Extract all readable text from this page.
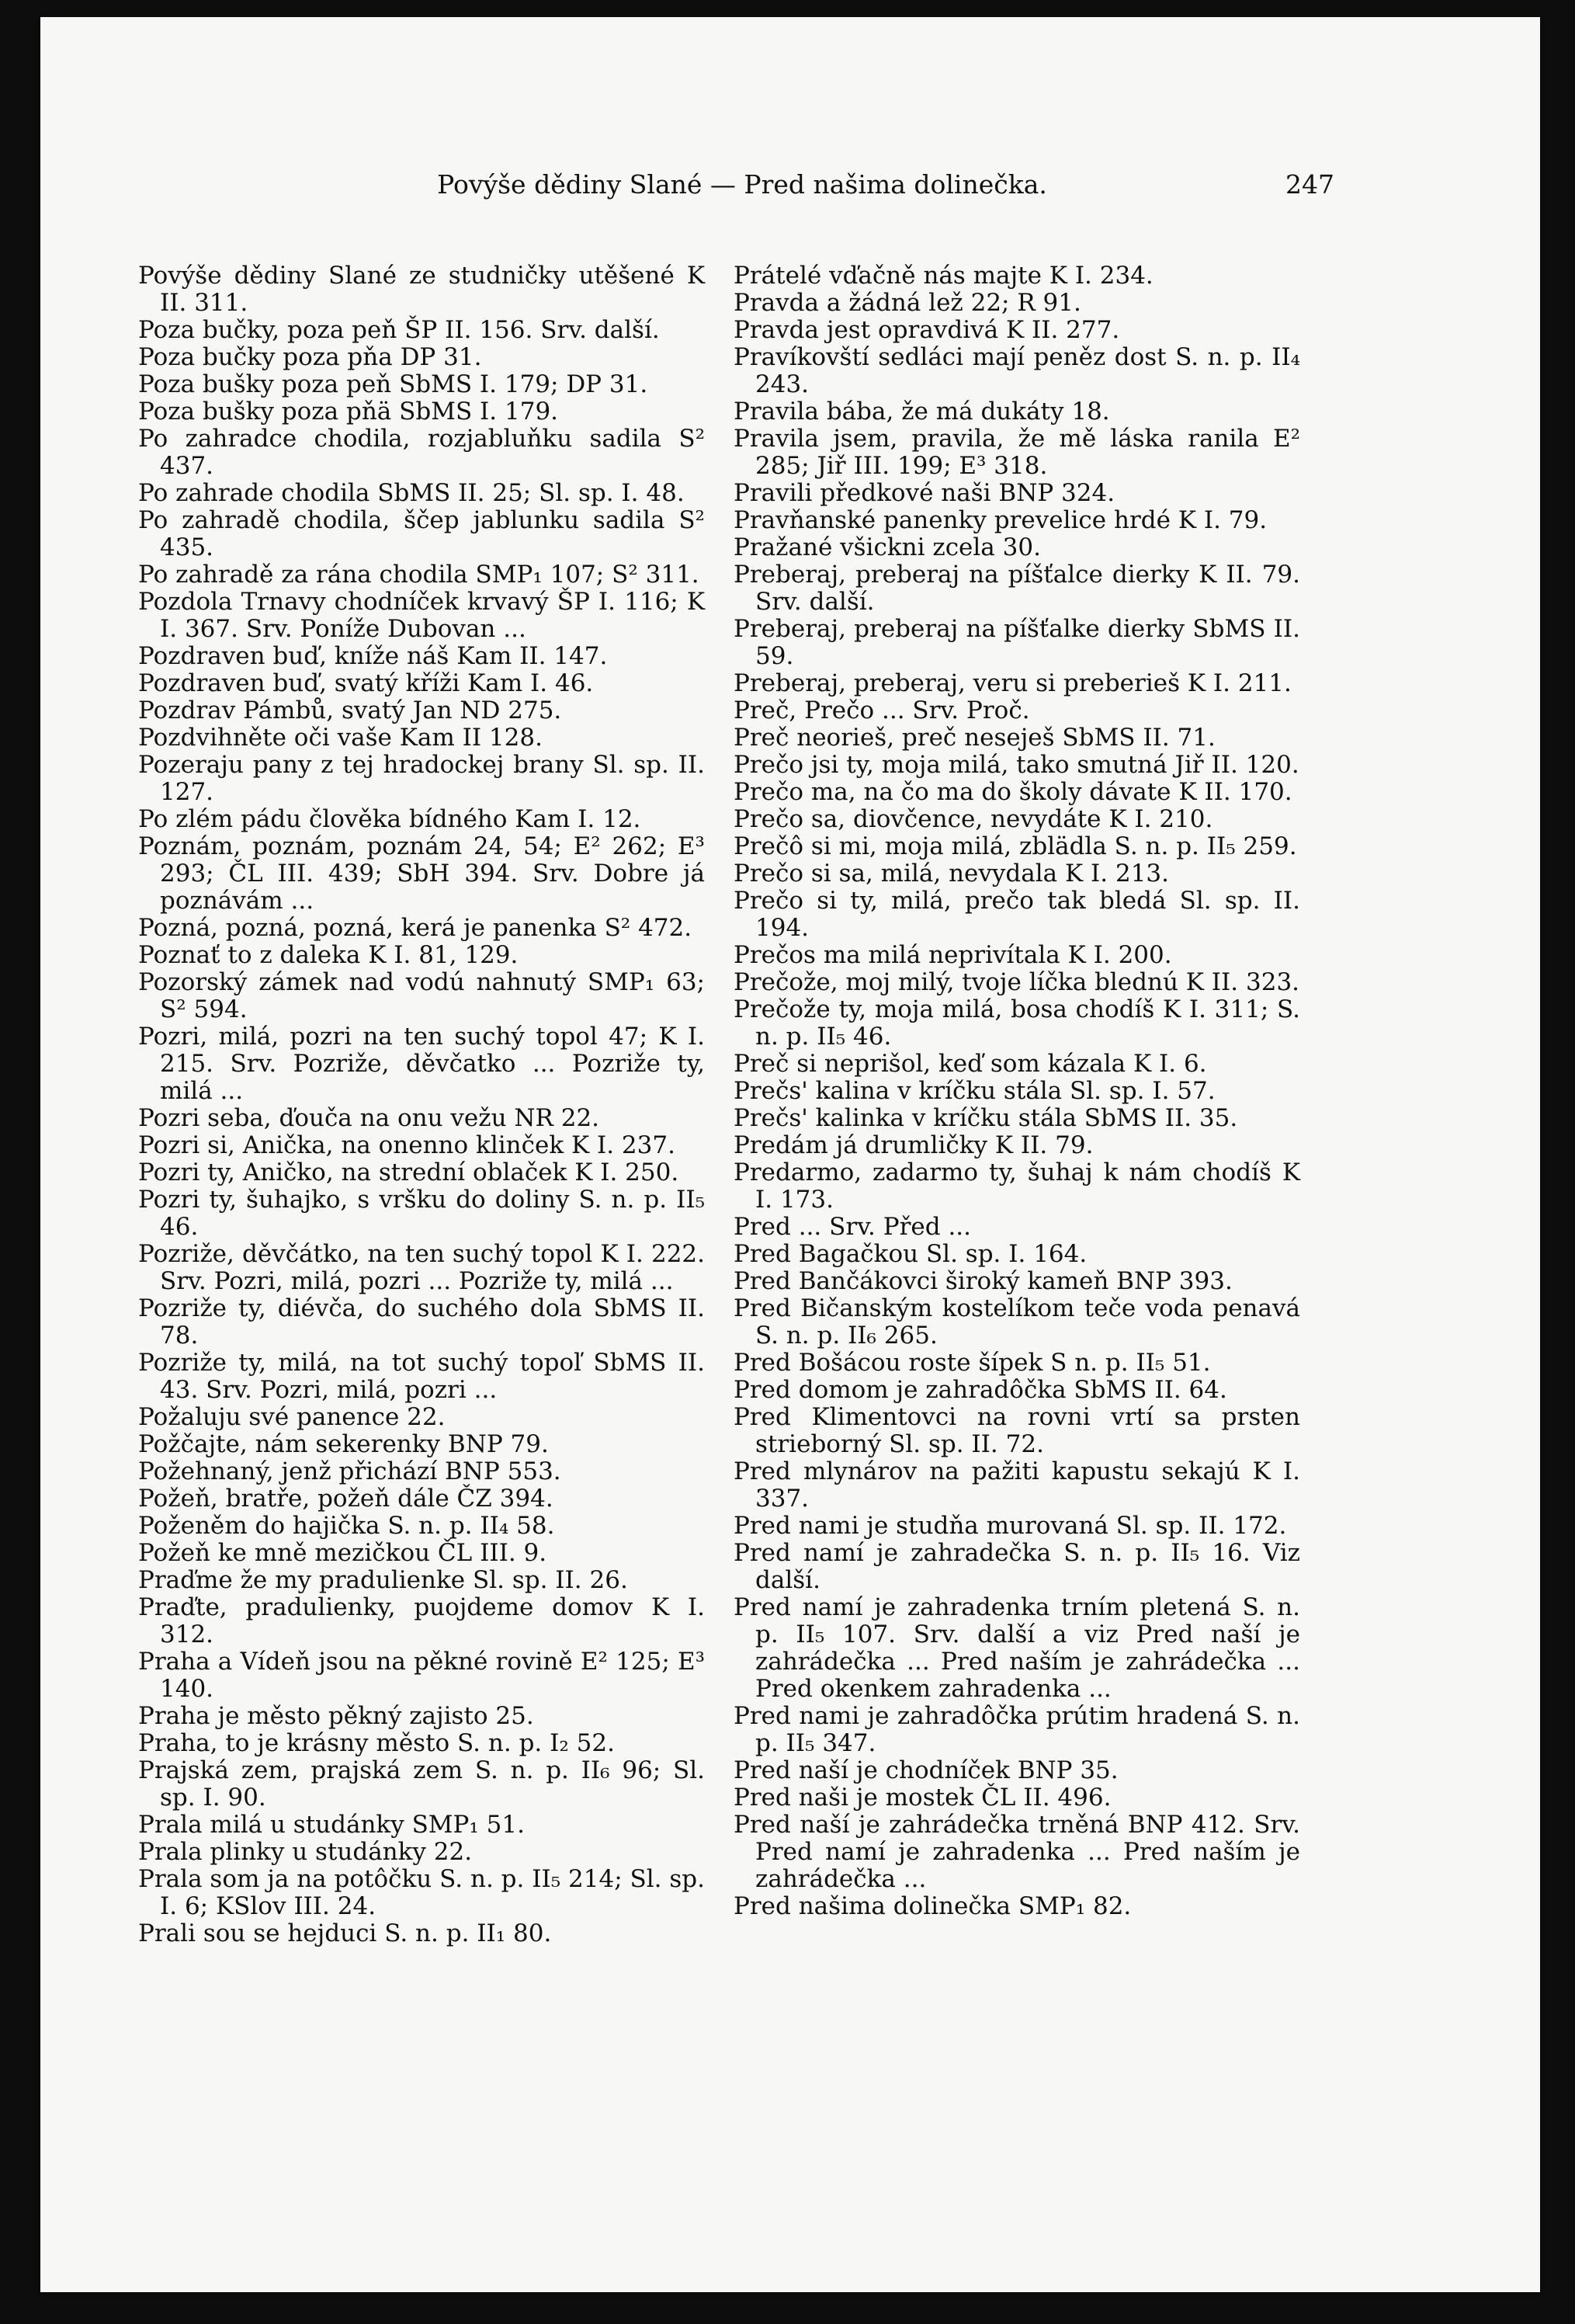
Povýše dědiny Slané — Pred našima dolinečka.	247

Povýše dědiny Slané ze studničky utěšené K II. 311.

Poza bučky, poza peň ŠP II. 156. Srv. další.

Poza bučky poza pňa DP 31.

Poza bušky poza peň SbMS I. 179; DP 31.

Poza bušky poza pňä SbMS I. 179.

Po zahradce chodila, rozjabluňku sadila S² 437.

Po zahrade chodila SbMS II. 25; Sl. sp. I. 48.

Po zahradě chodila, ščep jablunku sadila S² 435.

Po zahradě za rána chodila SMP₁ 107; S² 311.

Pozdola Trnavy chodníček krvavý ŠP I. 116; K I. 367. Srv. Poníže Dubovan ...

Pozdraven buď, kníže náš Kam II. 147.

Pozdraven buď, svatý kříži Kam I. 46.

Pozdrav Pámbů, svatý Jan ND 275.

Pozdvihněte oči vaše Kam II 128.

Pozeraju pany z tej hradockej brany Sl. sp. II. 127.

Po zlém pádu člověka bídného Kam I. 12.

Poznám, poznám, poznám 24, 54; E² 262; E³ 293; ČL III. 439; SbH 394. Srv. Dobre já poznávám ...

Pozná, pozná, pozná, kerá je panenka S² 472.

Poznať to z daleka K I. 81, 129.

Pozorský zámek nad vodú nahnutý SMP₁ 63; S² 594.

Pozri, milá, pozri na ten suchý topol 47; K I. 215. Srv. Pozriže, děvčatko ... Pozriže ty, milá ...

Pozri seba, ďouča na onu vežu NR 22.

Pozri si, Anička, na onenno klinček K I. 237.

Pozri ty, Aničko, na strední oblaček K I. 250.

Pozri ty, šuhajko, s vršku do doliny S. n. p. II₅ 46.

Pozriže, děvčátko, na ten suchý topol K I. 222. Srv. Pozri, milá, pozri ... Pozriže ty, milá ...

Pozriže ty, diévča, do suchého dola SbMS II. 78.

Pozriže ty, milá, na tot suchý topoľ SbMS II. 43. Srv. Pozri, milá, pozri ...

Požaluju své panence 22.

Požčajte, nám sekerenky BNP 79.

Požehnaný, jenž přichází BNP 553.

Požeň, bratře, požeň dále ČZ 394.

Poženěm do hajička S. n. p. II₄ 58.

Požeň ke mně mezičkou ČL III. 9.

Praďme že my pradulienke Sl. sp. II. 26.

Praďte, pradulienky, puojdeme domov K I. 312.

Praha a Vídeň jsou na pěkné rovině E² 125; E³ 140.

Praha je město pěkný zajisto 25.

Praha, to je krásny město S. n. p. I₂ 52.

Prajská zem, prajská zem S. n. p. II₆ 96; Sl. sp. I. 90.

Prala milá u studánky SMP₁ 51.

Prala plinky u studánky 22.

Prala som ja na potôčku S. n. p. II₅ 214; Sl. sp. I. 6; KSlov III. 24.

Prali sou se hejduci S. n. p. II₁ 80.

Prátelé vďačně nás majte K I. 234.

Pravda a žádná lež 22; R 91.

Pravda jest opravdivá K II. 277.

Pravíkovští sedláci mají peněz dost S. n. p. II₄ 243.

Pravila bába, že má dukáty 18.

Pravila jsem, pravila, že mě láska ranila E² 285; Jiř III. 199; E³ 318.

Pravili předkové naši BNP 324.

Pravňanské panenky prevelice hrdé K I. 79.

Pražané všickni zcela 30.

Preberaj, preberaj na píšťalce dierky K II. 79. Srv. další.

Preberaj, preberaj na píšťalke dierky SbMS II. 59.

Preberaj, preberaj, veru si preberieš K I. 211.

Preč, Prečo ... Srv. Proč.

Preč neorieš, preč neseješ SbMS II. 71.

Prečo jsi ty, moja milá, tako smutná Jiř II. 120.

Prečo ma, na čo ma do školy dávate K II. 170.

Prečo sa, diovčence, nevydáte K I. 210.

Prečô si mi, moja milá, zblädla S. n. p. II₅ 259.

Prečo si sa, milá, nevydala K I. 213.

Prečo si ty, milá, prečo tak bledá Sl. sp. II. 194.

Prečos ma milá neprivítala K I. 200.

Prečože, moj milý, tvoje líčka blednú K II. 323.

Prečože ty, moja milá, bosa chodíš K I. 311; S. n. p. II₅ 46.

Preč si neprišol, keď som kázala K I. 6.

Prečs' kalina v kríčku stála Sl. sp. I. 57.

Prečs' kalinka v kríčku stála SbMS II. 35.

Predám já drumličky K II. 79.

Predarmo, zadarmo ty, šuhaj k nám chodíš K I. 173.

Pred ... Srv. Před ...

Pred Bagačkou Sl. sp. I. 164.

Pred Bančákovci široký kameň BNP 393.

Pred Bičanským kostelíkom teče voda penavá S. n. p. II₆ 265.

Pred Bošácou roste šípek S n. p. II₅ 51.

Pred domom je zahradôčka SbMS II. 64.

Pred Klimentovci na rovni vrtí sa prsten strieborný Sl. sp. II. 72.

Pred mlynárov na pažiti kapustu sekajú K I. 337.

Pred nami je studňa murovaná Sl. sp. II. 172.

Pred namí je zahradečka S. n. p. II₅ 16. Viz další.

Pred namí je zahradenka trním pletená S. n. p. II₅ 107. Srv. další a viz Pred naší je zahrádečka ... Pred naším je zahrádečka ... Pred okenkem zahradenka ...

Pred nami je zahradôčka prútim hradená S. n. p. II₅ 347.

Pred naší je chodníček BNP 35.

Pred naši je mostek ČL II. 496.

Pred naší je zahrádečka trněná BNP 412. Srv. Pred namí je zahradenka ... Pred naším je zahrádečka ...

Pred našima dolinečka SMP₁ 82.
